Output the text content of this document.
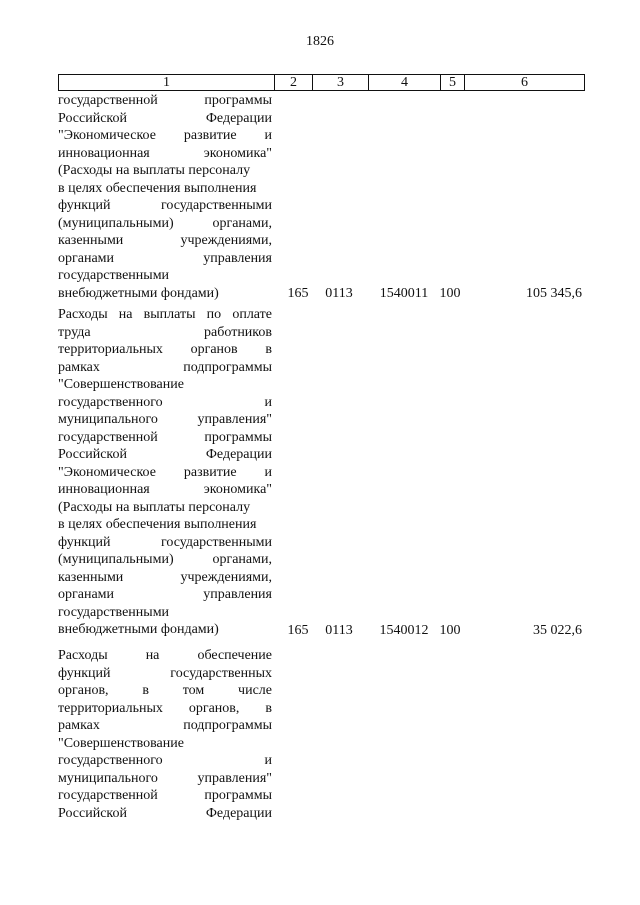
1826
1	2	3	4	5	6
государственной программы
Российской Федерации
"Экономическое развитие и
инновационная экономика"
(Расходы на выплаты персоналу
в целях обеспечения выполнения
функций государственными
(муниципальными) органами,
казенными учреждениями,
органами управления
государственными
внебюджетными фондами)	165	0113	1540011 100	105 345,6
Расходы на выплаты по оплате
труда работников
территориальных органов в
рамках подпрограммы
"Совершенствование
государственного и
муниципального управления"
государственной программы
Российской Федерации
"Экономическое развитие и
инновационная экономика"
(Расходы на выплаты персоналу
в целях обеспечения выполнения
функций государственными
(муниципальными) органами,
казенными учреждениями,
органами управления
государственными
внебюджетными фондами)	165	0113	1540012 100	35 022,6
Расходы на обеспечение
функций государственных
органов, в том числе
территориальных органов, в
рамках подпрограммы
"Совершенствование
государственного и
муниципального управления"
государственной программы
Российской Федерации
